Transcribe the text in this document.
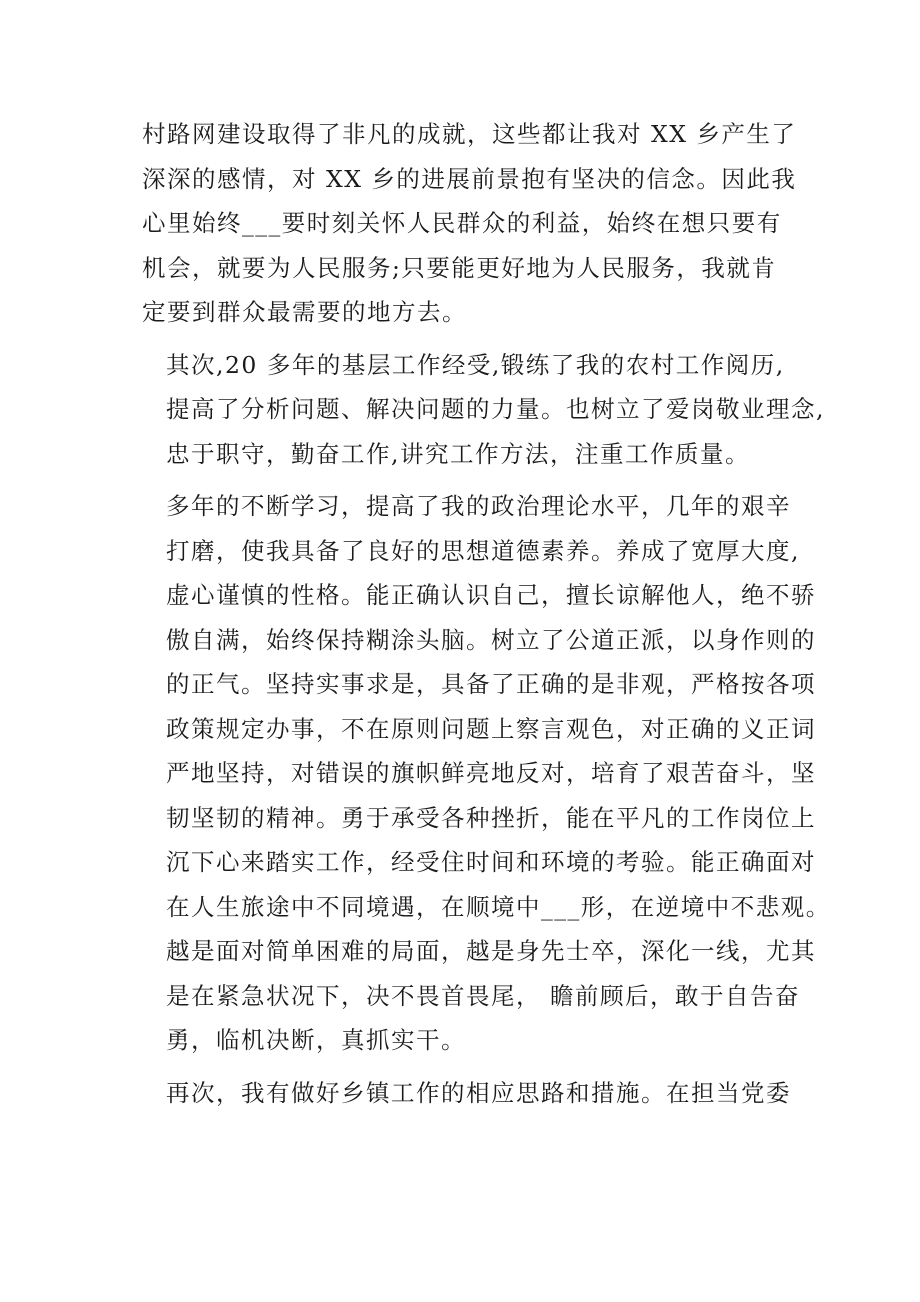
村路网建设取得了非凡的成就，这些都让我对 XX 乡产生了
深深的感情，对 XX 乡的进展前景抱有坚决的信念。因此我
心里始终___要时刻关怀人民群众的利益，始终在想只要有
机会，就要为人民服务;只要能更好地为人民服务，我就肯
定要到群众最需要的地方去。

其次,20 多年的基层工作经受,锻练了我的农村工作阅历,
提高了分析问题、解决问题的力量。也树立了爱岗敬业理念,
忠于职守，勤奋工作,讲究工作方法，注重工作质量。

多年的不断学习，提高了我的政治理论水平，几年的艰辛
打磨，使我具备了良好的思想道德素养。养成了宽厚大度,
虚心谨慎的性格。能正确认识自己，擅长谅解他人，绝不骄
傲自满，始终保持糊涂头脑。树立了公道正派，以身作则的
的正气。坚持实事求是，具备了正确的是非观，严格按各项
政策规定办事，不在原则问题上察言观色，对正确的义正词
严地坚持，对错误的旗帜鲜亮地反对，培育了艰苦奋斗，坚
韧坚韧的精神。勇于承受各种挫折，能在平凡的工作岗位上
沉下心来踏实工作，经受住时间和环境的考验。能正确面对
在人生旅途中不同境遇，在顺境中___形，在逆境中不悲观。
越是面对简单困难的局面，越是身先士卒，深化一线，尤其
是在紧急状况下，决不畏首畏尾， 瞻前顾后，敢于自告奋
勇，临机决断，真抓实干。

再次，我有做好乡镇工作的相应思路和措施。在担当党委
